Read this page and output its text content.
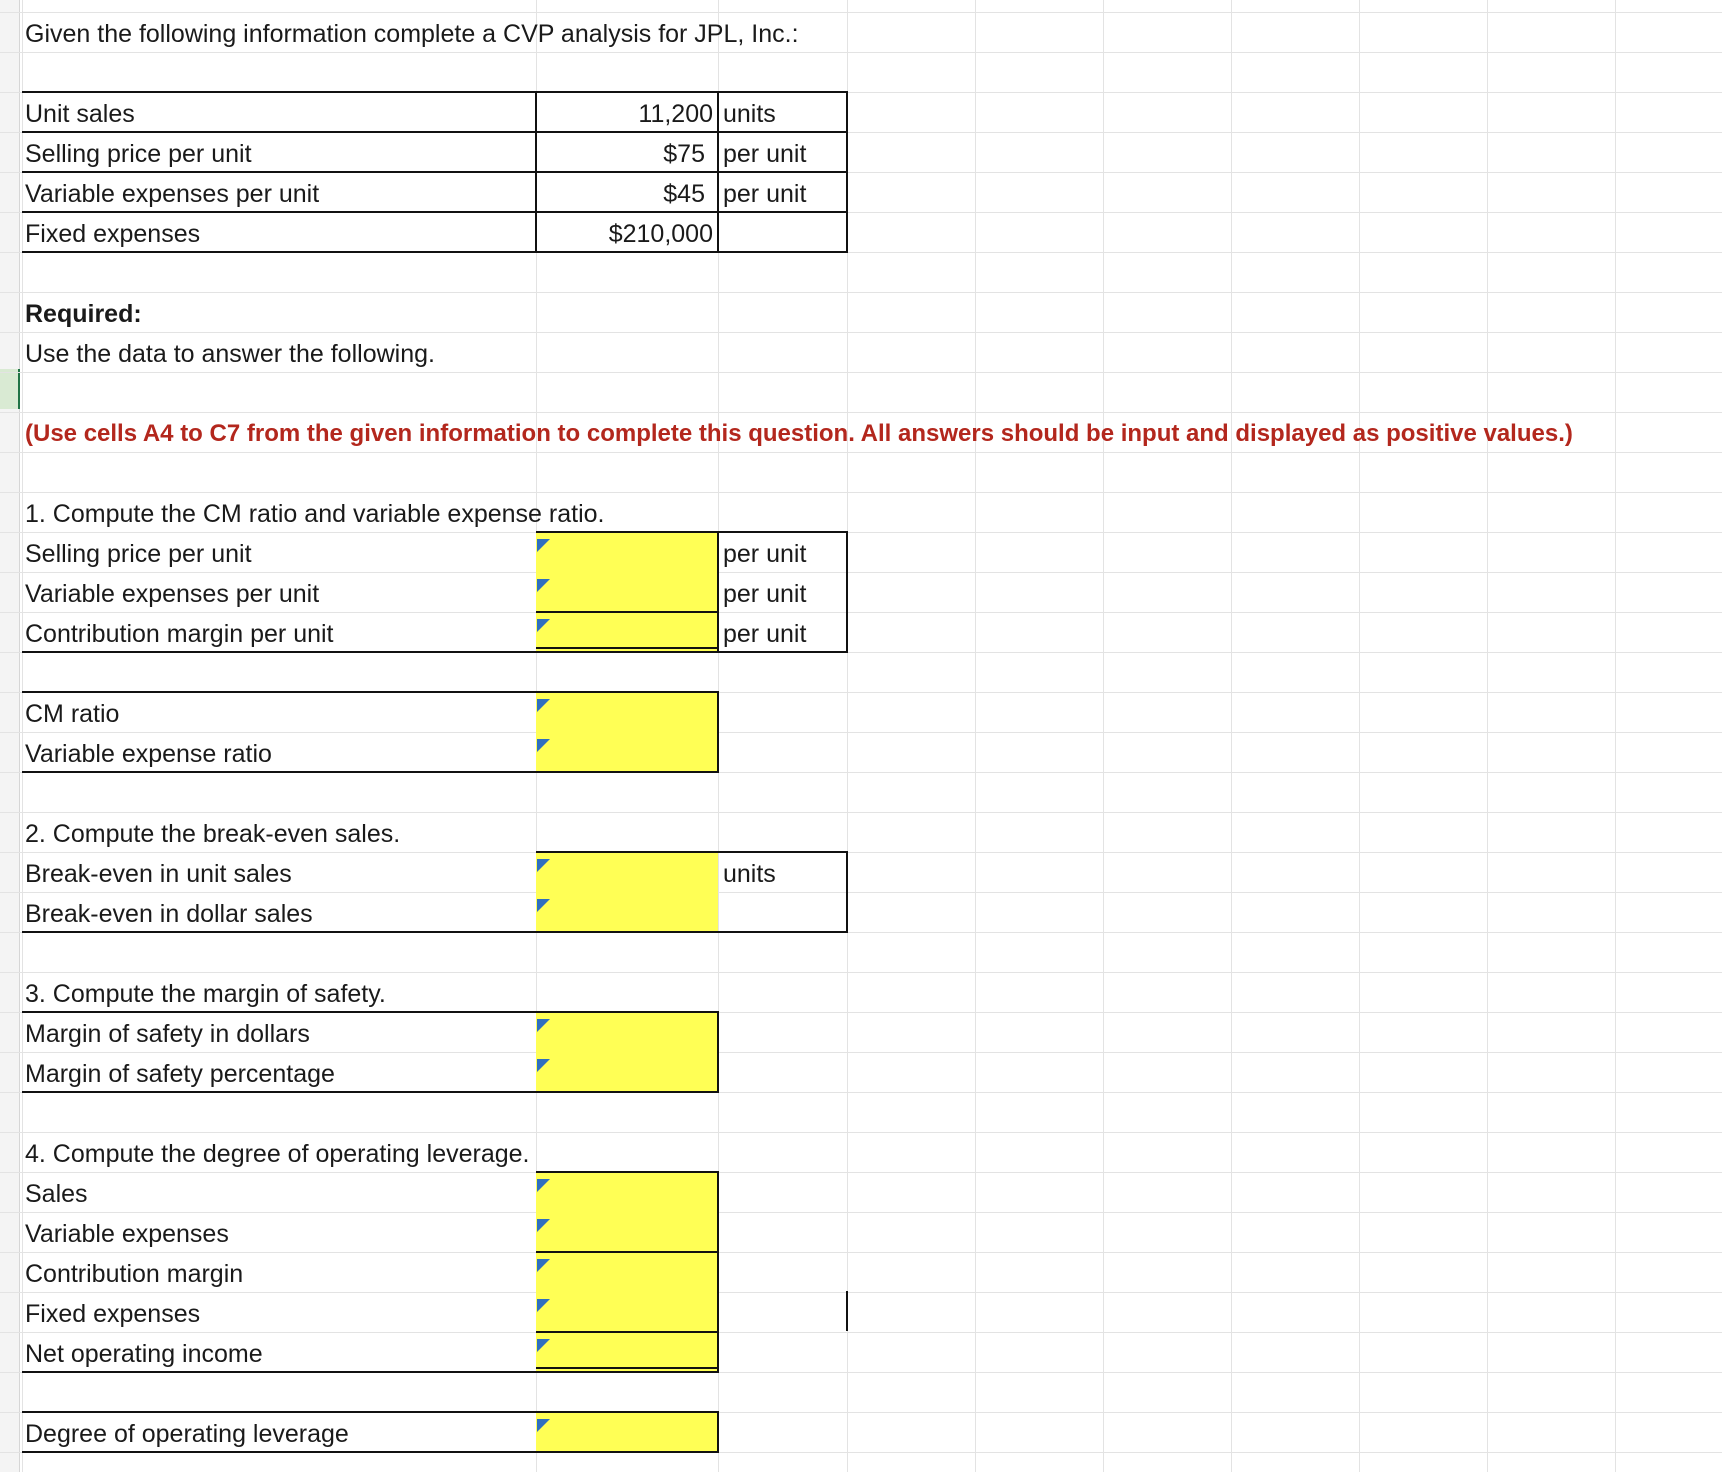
Given the following information complete a CVP analysis for JPL, Inc.:
Unit sales	11,200 units
Selling price per unit	$75 per unit
Variable expenses per unit	$45 per unit
Fixed expenses	$210,000
Required:
Use the data to answer the following.
(Use cells A4 to C7 from the given information to complete this question. All answers should be input and displayed as positive values.)
1. Compute the CM ratio and variable expense ratio.
Selling price per unit	per unit
Variable expenses per unit	per unit
Contribution margin per unit	per unit
CM ratio
Variable expense ratio
2. Compute the break-even sales.
Break-even in unit sales	units
Break-even in dollar sales
3. Compute the margin of safety.
Margin of safety in dollars
Margin of safety percentage
4. Compute the degree of operating leverage.
Sales
Variable expenses
Contribution margin
Fixed expenses
Net operating income
Degree of operating leverage
